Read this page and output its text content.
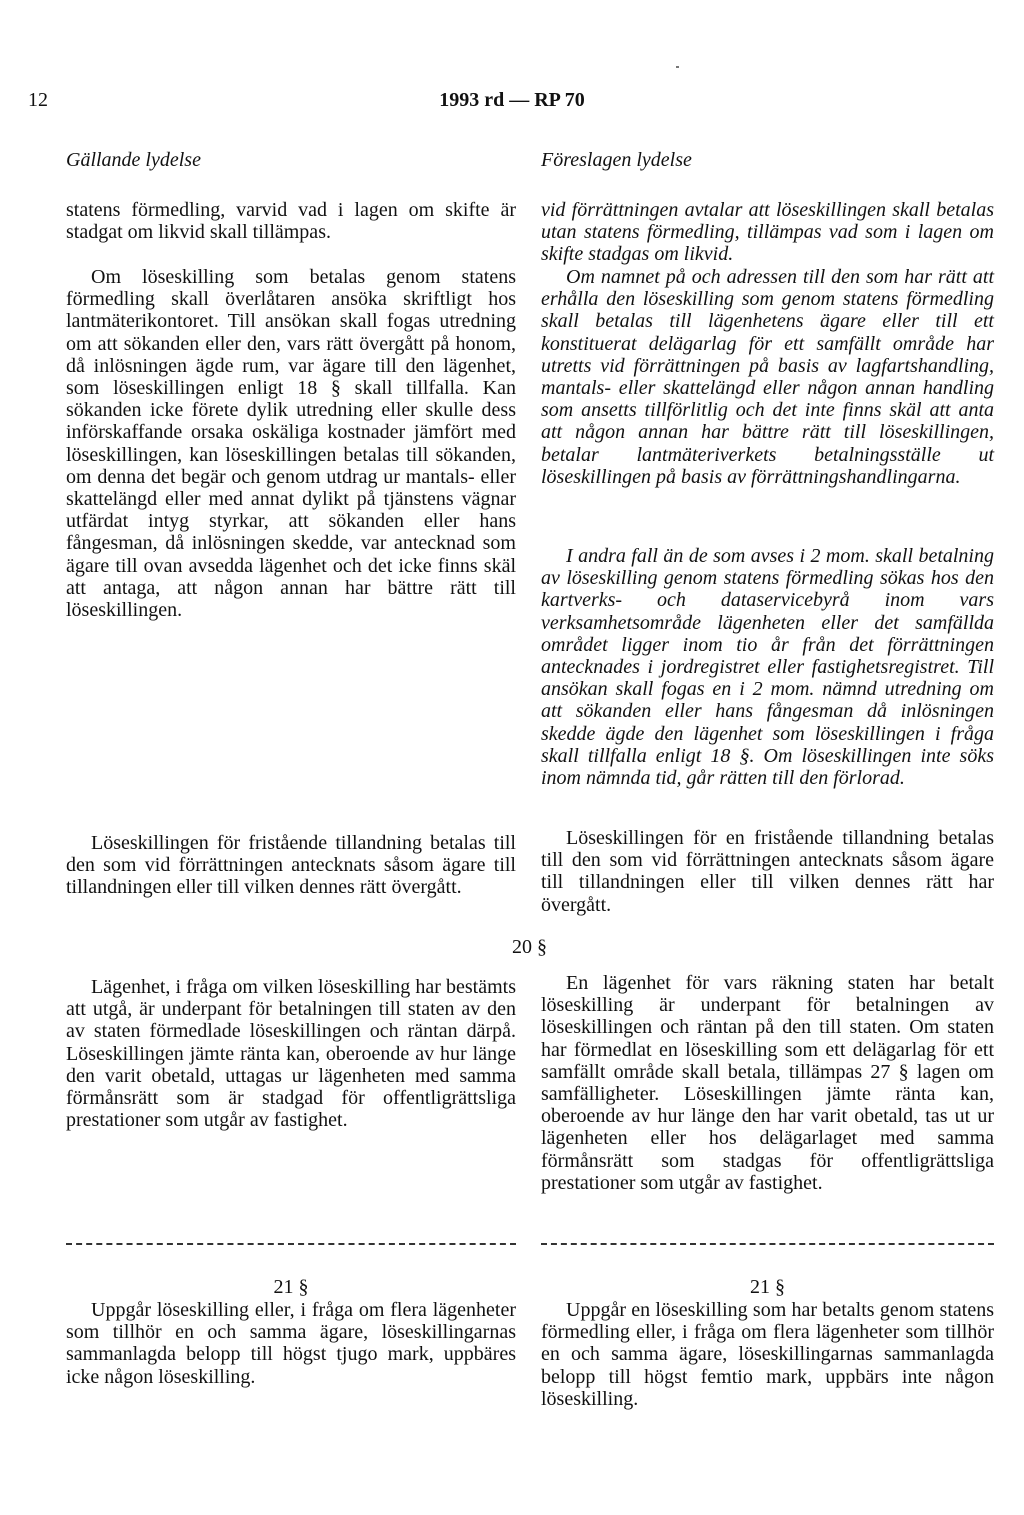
12	1993 rd — RP 70
Gällande lydelse	Föreslagen lydelse
statens förmedling, varvid vad i lagen om skifte är stadgat om likvid skall tillämpas.
Om löseskilling som betalas genom statens förmedling skall överlåtaren ansöka skriftligt hos lantmäterikontoret. Till ansökan skall fogas utredning om att sökanden eller den, vars rätt övergått på honom, då inlösningen ägde rum, var ägare till den lägenhet, som löseskillingen enligt 18 § skall tillfalla. Kan sökanden icke förete dylik utredning eller skulle dess införskaffande orsaka oskäliga kostnader jämfört med löseskillingen, kan löseskillingen betalas till sökanden, om denna det begär och genom utdrag ur mantals- eller skattelängd eller med annat dylikt på tjänstens vägnar utfärdat intyg styrkar, att sökanden eller hans fångesman, då inlösningen skedde, var antecknad som ägare till ovan avsedda lägenhet och det icke finns skäl att antaga, att någon annan har bättre rätt till löseskillingen.
Löseskillingen för fristående tillandning betalas till den som vid förrättningen antecknats såsom ägare till tillandningen eller till vilken dennes rätt övergått.
Lägenhet, i fråga om vilken löseskilling har bestämts att utgå, är underpant för betalningen till staten av den av staten förmedlade löseskillingen och räntan därpå. Löseskillingen jämte ränta kan, oberoende av hur länge den varit obetald, uttagas ur lägenheten med samma förmånsrätt som är stadgad för offentligrättsliga prestationer som utgår av fastighet.
20 §
vid förrättningen avtalar att löseskillingen skall betalas utan statens förmedling, tillämpas vad som i lagen om skifte stadgas om likvid.
Om namnet på och adressen till den som har rätt att erhålla den löseskilling som genom statens förmedling skall betalas till lägenhetens ägare eller till ett konstituerat delägarlag för ett samfällt område har utretts vid förrättningen på basis av lagfartshandling, mantals- eller skattelängd eller någon annan handling som ansetts tillförlitlig och det inte finns skäl att anta att någon annan har bättre rätt till löseskillingen, betalar lantmäteriverkets betalningsställe ut löseskillingen på basis av förrättningshandlingarna.
I andra fall än de som avses i 2 mom. skall betalning av löseskilling genom statens förmedling sökas hos den kartverks- och dataservicebyrå inom vars verksamhetsområde lägenheten eller det samfällda området ligger inom tio år från det förrättningen antecknades i jordregistret eller fastighetsregistret. Till ansökan skall fogas en i 2 mom. nämnd utredning om att sökanden eller hans fångesman då inlösningen skedde ägde den lägenhet som löseskillingen i fråga skall tillfalla enligt 18 §. Om löseskillingen inte söks inom nämnda tid, går rätten till den förlorad.
Löseskillingen för en fristående tillandning betalas till den som vid förrättningen antecknats såsom ägare till tillandningen eller till vilken dennes rätt har övergått.
En lägenhet för vars räkning staten har betalt löseskilling är underpant för betalningen av löseskillingen och räntan på den till staten. Om staten har förmedlat en löseskilling som ett delägarlag för ett samfällt område skall betala, tillämpas 27 § lagen om samfälligheter. Löseskillingen jämte ränta kan, oberoende av hur länge den har varit obetald, tas ut ur lägenheten eller hos delägarlaget med samma förmånsrätt som stadgas för offentligrättsliga prestationer som utgår av fastighet.
21 §
Uppgår löseskilling eller, i fråga om flera lägenheter som tillhör en och samma ägare, löseskillingarnas sammanlagda belopp till högst tjugo mark, uppbäres icke någon löseskilling.
21 §
Uppgår en löseskilling som har betalts genom statens förmedling eller, i fråga om flera lägenheter som tillhör en och samma ägare, löseskillingarnas sammanlagda belopp till högst femtio mark, uppbärs inte någon löseskilling.
